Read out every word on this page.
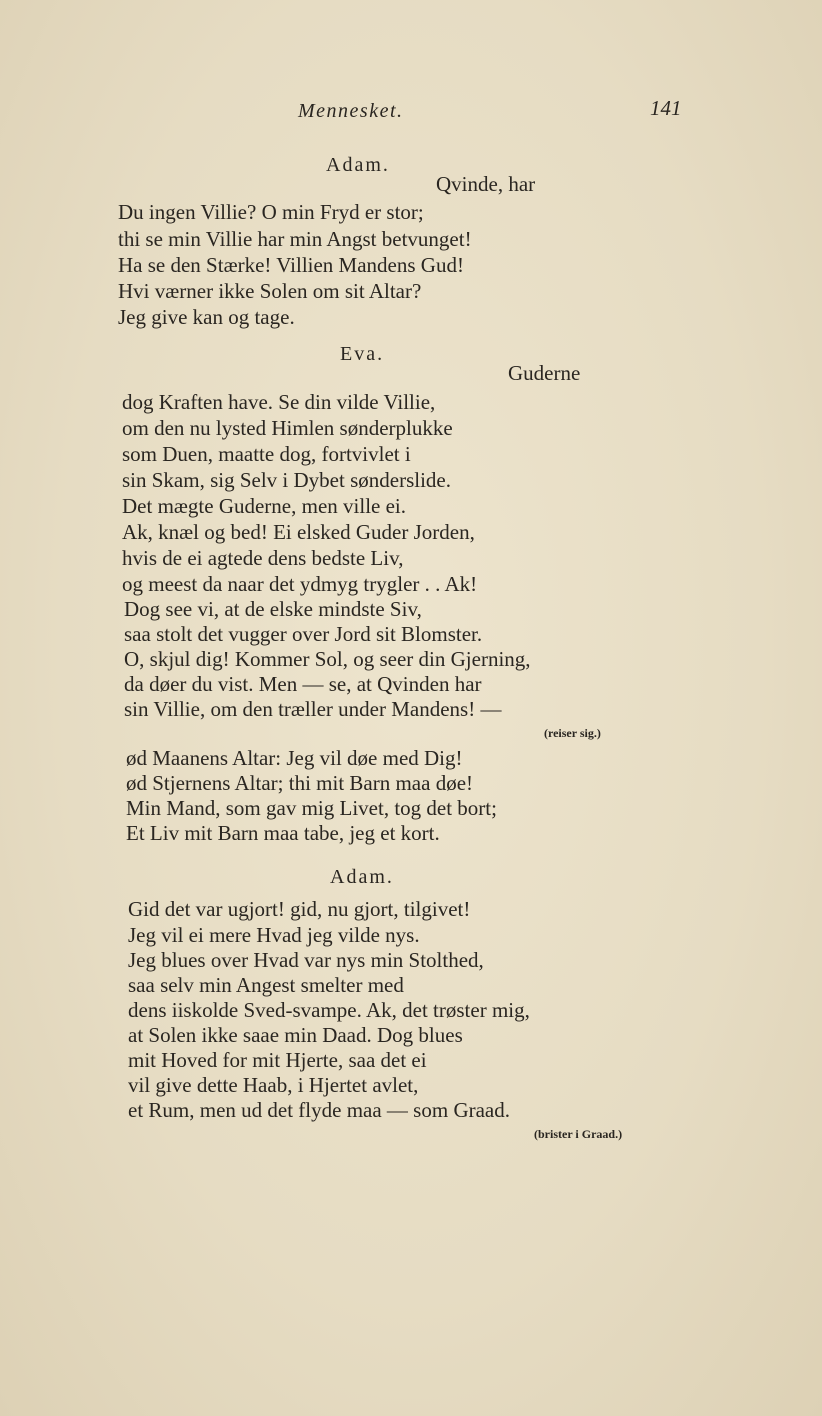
Mennesket.	141
Adam.
Qvinde, har
Du ingen Villie? O min Fryd er stor;
thi se min Villie har min Angst betvunget!
Ha se den Stærke! Villien Mandens Gud!
Hvi værner ikke Solen om sit Altar?
Jeg give kan og tage.
Eva.
Guderne
dog Kraften have. Se din vilde Villie,
om den nu lysted Himlen sønderplukke
som Duen, maatte dog, fortvivlet i
sin Skam, sig Selv i Dybet sønderslide.
Det mægte Guderne, men ville ei.
Ak, knæl og bed! Ei elsked Guder Jorden,
hvis de ei agtede dens bedste Liv,
og meest da naar det ydmyg trygler . . Ak!
Dog see vi, at de elske mindste Siv,
saa stolt det vugger over Jord sit Blomster.
O, skjul dig! Kommer Sol, og seer din Gjerning,
da døer du vist. Men — se, at Qvinden har
sin Villie, om den træller under Mandens! —
(reiser sig.)
ød Maanens Altar: Jeg vil døe med Dig!
ød Stjernens Altar; thi mit Barn maa døe!
Min Mand, som gav mig Livet, tog det bort;
Et Liv mit Barn maa tabe, jeg et kort.
Adam.
Gid det var ugjort! gid, nu gjort, tilgivet!
Jeg vil ei mere Hvad jeg vilde nys.
Jeg blues over Hvad var nys min Stolthed,
saa selv min Angest smelter med
dens iiskolde Sved-svampe. Ak, det trøster mig,
at Solen ikke saae min Daad. Dog blues
mit Hoved for mit Hjerte, saa det ei
vil give dette Haab, i Hjertet avlet,
et Rum, men ud det flyde maa — som Graad.
(brister i Graad.)
